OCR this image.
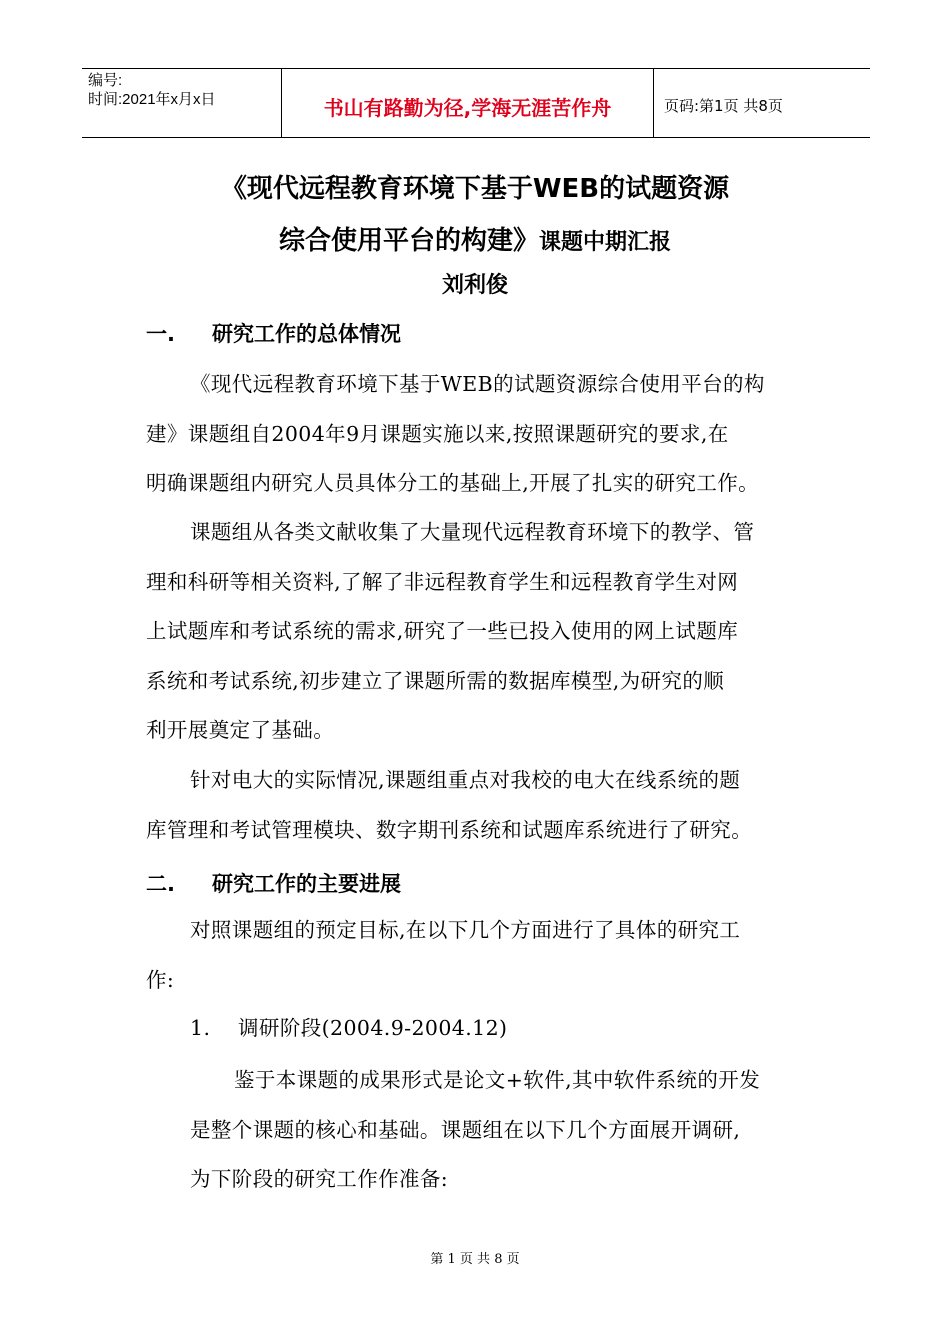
编号:
时间:2021年x月x日	书山有路勤为径,学海无涯苦作舟	页码:第1页 共8页
《现代远程教育环境下基于WEB的试题资源
综合使用平台的构建》课题中期汇报
刘利俊
一. 研究工作的总体情况
《现代远程教育环境下基于WEB的试题资源综合使用平台的构
建》课题组自2004年9月课题实施以来,按照课题研究的要求,在
明确课题组内研究人员具体分工的基础上,开展了扎实的研究工作。
课题组从各类文献收集了大量现代远程教育环境下的教学、管
理和科研等相关资料,了解了非远程教育学生和远程教育学生对网
上试题库和考试系统的需求,研究了一些已投入使用的网上试题库
系统和考试系统,初步建立了课题所需的数据库模型,为研究的顺
利开展奠定了基础。
针对电大的实际情况,课题组重点对我校的电大在线系统的题
库管理和考试管理模块、数字期刊系统和试题库系统进行了研究。
二. 研究工作的主要进展
对照课题组的预定目标,在以下几个方面进行了具体的研究工
作:
1.    调研阶段(2004.9-2004.12)
鉴于本课题的成果形式是论文+软件,其中软件系统的开发
是整个课题的核心和基础。课题组在以下几个方面展开调研,
为下阶段的研究工作作准备:
第 1 页 共 8 页
